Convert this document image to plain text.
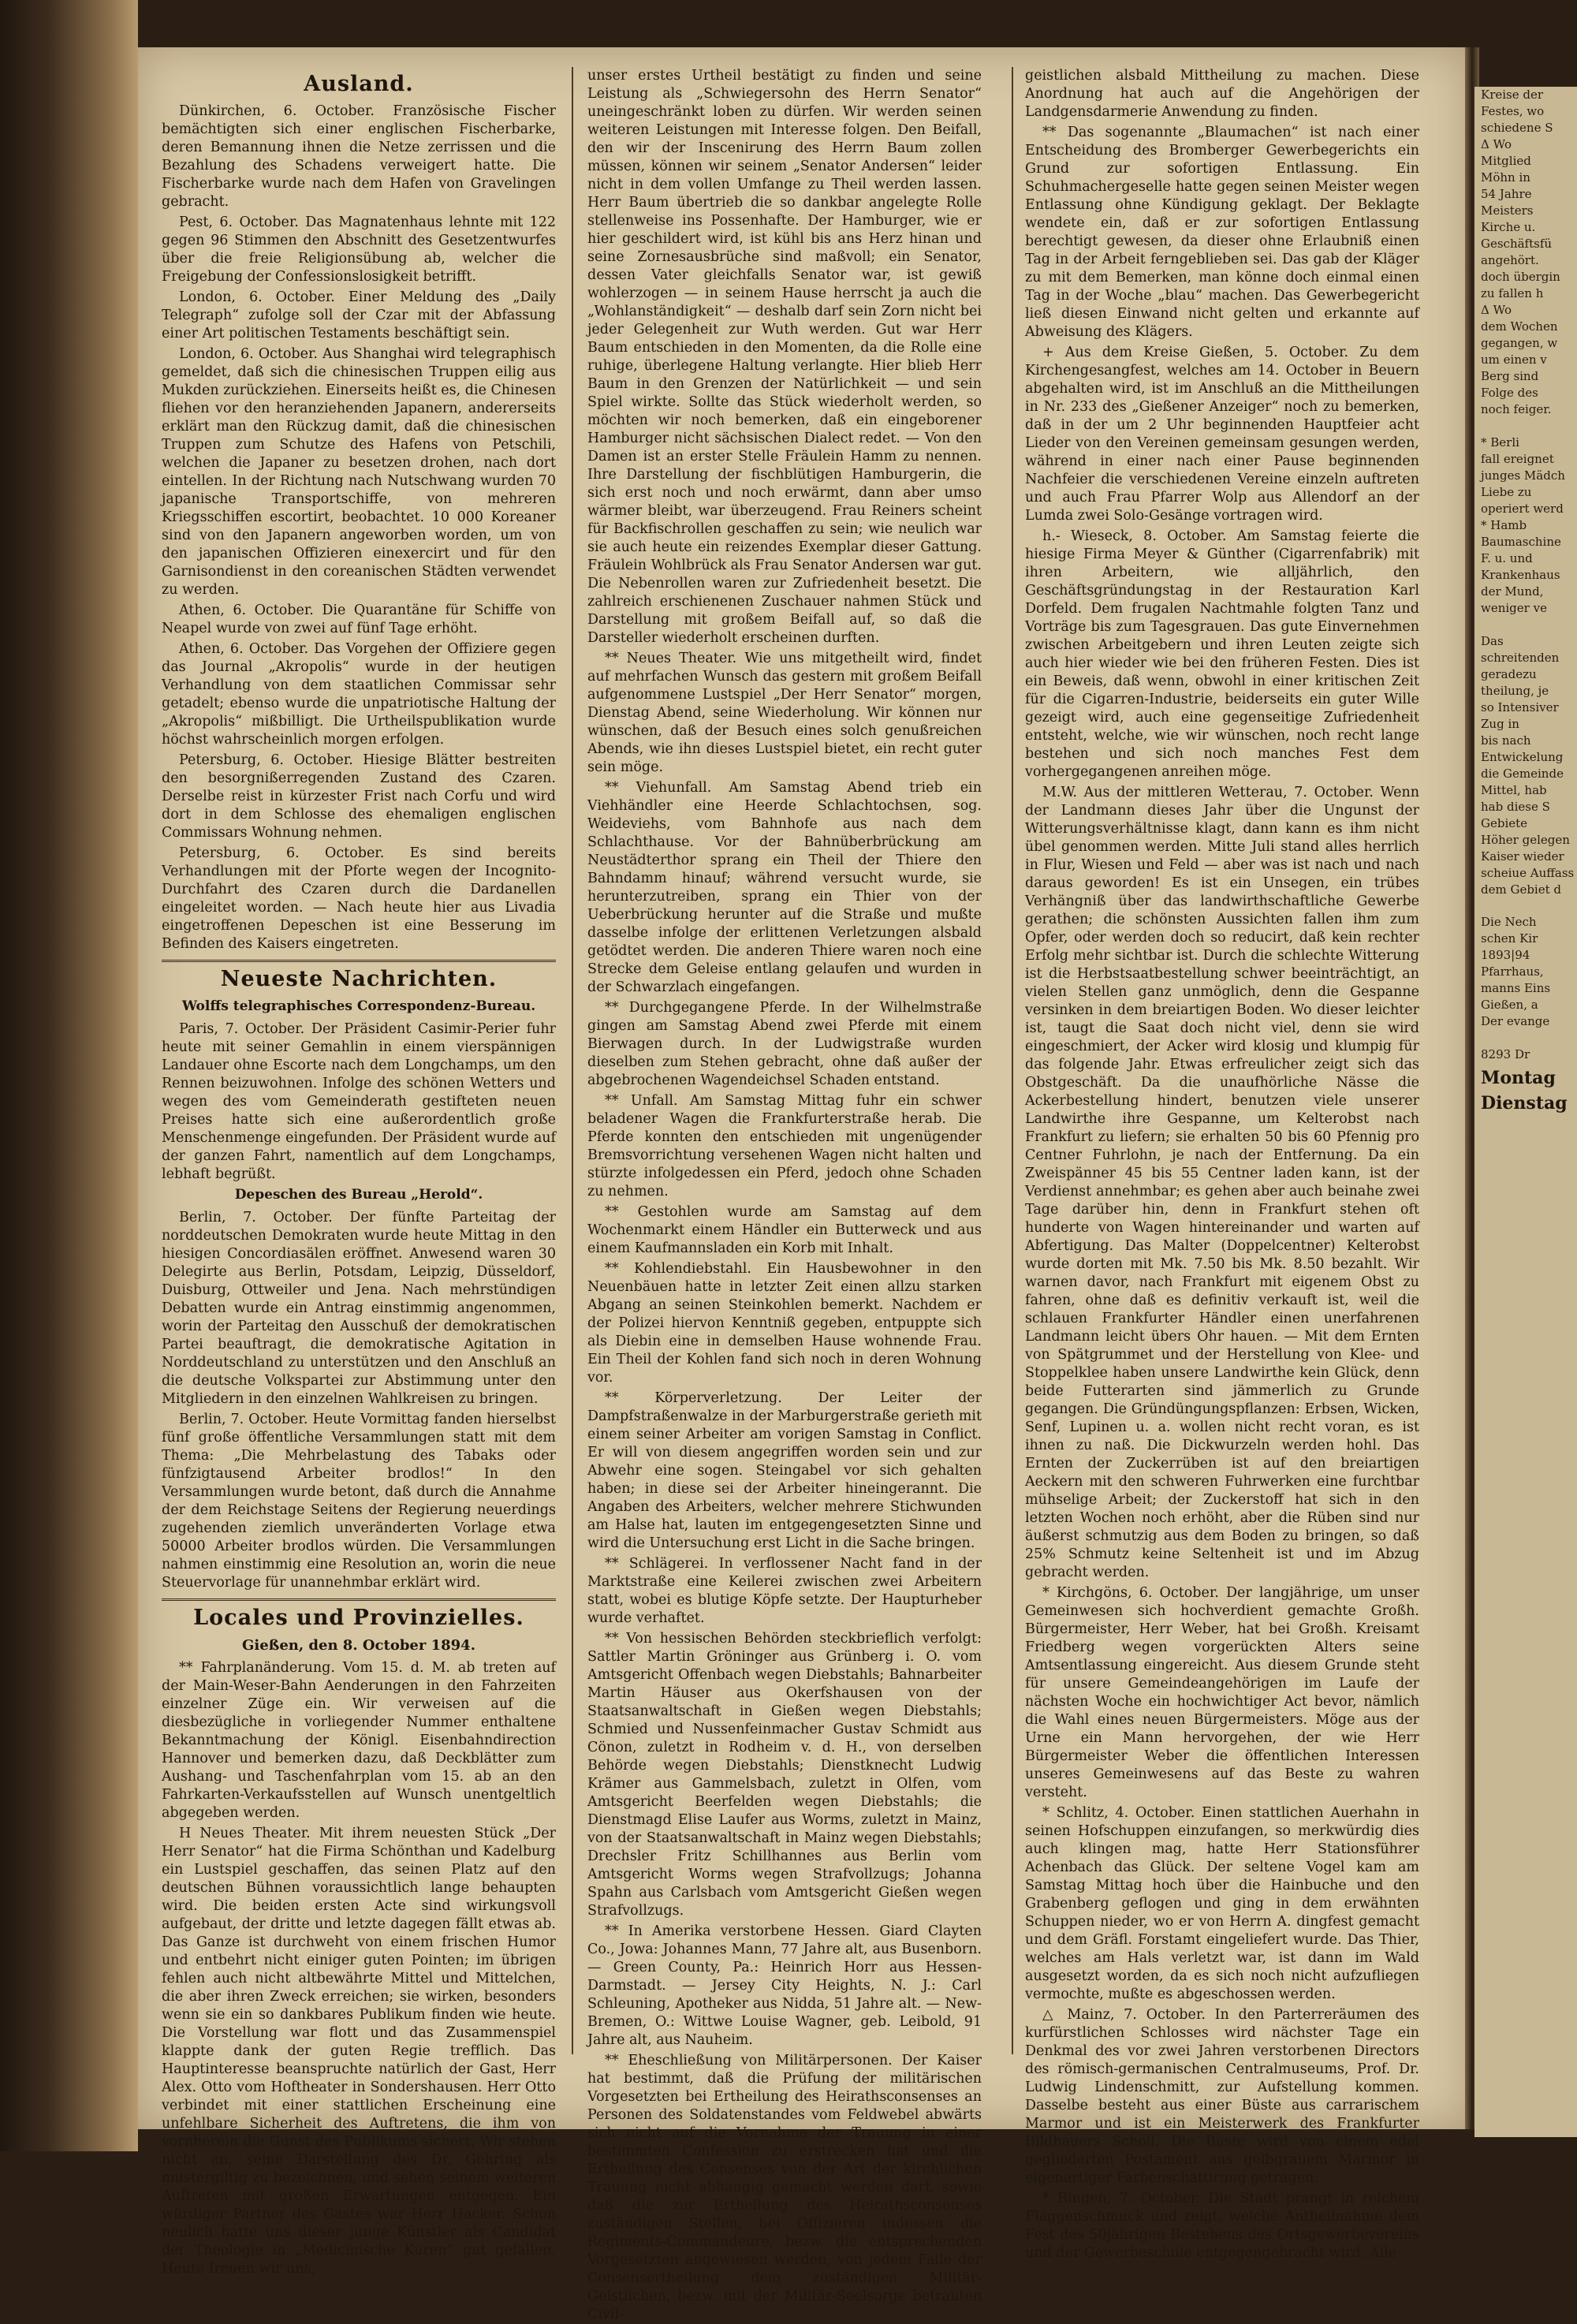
Ausland.

Dünkirchen, 6. October. Französische Fischer bemächtigten sich einer englischen Fischerbarke, deren Bemannung ihnen die Netze zerrissen und die Bezahlung des Schadens verweigert hatte. Die Fischerbarke wurde nach dem Hafen von Gravelingen gebracht.

Pest, 6. October. Das Magnatenhaus lehnte mit 122 gegen 96 Stimmen den Abschnitt des Gesetzentwurfes über die freie Religionsübung ab, welcher die Freigebung der Confessionslosigkeit betrifft.

London, 6. October. Einer Meldung des „Daily Telegraph“ zufolge soll der Czar mit der Abfassung einer Art politischen Testaments beschäftigt sein.

London, 6. October. Aus Shanghai wird telegraphisch gemeldet, daß sich die chinesischen Truppen eilig aus Mukden zurückziehen. Einerseits heißt es, die Chinesen fliehen vor den heranziehenden Japanern, andererseits erklärt man den Rückzug damit, daß die chinesischen Truppen zum Schutze des Hafens von Petschili, welchen die Japaner zu besetzen drohen, nach dort eintellen. In der Richtung nach Nutschwang wurden 70 japanische Transportschiffe, von mehreren Kriegsschiffen escortirt, beobachtet. 10 000 Koreaner sind von den Japanern angeworben worden, um von den japanischen Offizieren einexercirt und für den Garnisondienst in den coreanischen Städten verwendet zu werden.

Athen, 6. October. Die Quarantäne für Schiffe von Neapel wurde von zwei auf fünf Tage erhöht.

Athen, 6. October. Das Vorgehen der Offiziere gegen das Journal „Akropolis“ wurde in der heutigen Verhandlung von dem staatlichen Commissar sehr getadelt; ebenso wurde die unpatriotische Haltung der „Akropolis“ mißbilligt. Die Urtheilspublikation wurde höchst wahrscheinlich morgen erfolgen.

Petersburg, 6. October. Hiesige Blätter bestreiten den besorgnißerregenden Zustand des Czaren. Derselbe reist in kürzester Frist nach Corfu und wird dort in dem Schlosse des ehemaligen englischen Commissars Wohnung nehmen.

Petersburg, 6. October. Es sind bereits Verhandlungen mit der Pforte wegen der Incognito-Durchfahrt des Czaren durch die Dardanellen eingeleitet worden. — Nach heute hier aus Livadia eingetroffenen Depeschen ist eine Besserung im Befinden des Kaisers eingetreten.

Neueste Nachrichten.
Wolffs telegraphisches Correspondenz-Bureau.

Paris, 7. October. Der Präsident Casimir-Perier fuhr heute mit seiner Gemahlin in einem vierspännigen Landauer ohne Escorte nach dem Longchamps, um den Rennen beizuwohnen. Infolge des schönen Wetters und wegen des vom Gemeinderath gestifteten neuen Preises hatte sich eine außerordentlich große Menschenmenge eingefunden. Der Präsident wurde auf der ganzen Fahrt, namentlich auf dem Longchamps, lebhaft begrüßt.

Depeschen des Bureau „Herold“.

Berlin, 7. October. Der fünfte Parteitag der norddeutschen Demokraten wurde heute Mittag in den hiesigen Concordiasälen eröffnet. Anwesend waren 30 Delegirte aus Berlin, Potsdam, Leipzig, Düsseldorf, Duisburg, Ottweiler und Jena. Nach mehrstündigen Debatten wurde ein Antrag einstimmig angenommen, worin der Parteitag den Ausschuß der demokratischen Partei beauftragt, die demokratische Agitation in Norddeutschland zu unterstützen und den Anschluß an die deutsche Volkspartei zur Abstimmung unter den Mitgliedern in den einzelnen Wahlkreisen zu bringen.

Berlin, 7. October. Heute Vormittag fanden hierselbst fünf große öffentliche Versammlungen statt mit dem Thema: „Die Mehrbelastung des Tabaks oder fünfzigtausend Arbeiter brodlos!“ In den Versammlungen wurde betont, daß durch die Annahme der dem Reichstage Seitens der Regierung neuerdings zugehenden ziemlich unveränderten Vorlage etwa 50000 Arbeiter brodlos würden. Die Versammlungen nahmen einstimmig eine Resolution an, worin die neue Steuervorlage für unannehmbar erklärt wird.

Locales und Provinzielles.
Gießen, den 8. October 1894.

** Fahrplanänderung. Vom 15. d. M. ab treten auf der Main-Weser-Bahn Aenderungen in den Fahrzeiten einzelner Züge ein. Wir verweisen auf die diesbezügliche in vorliegender Nummer enthaltene Bekanntmachung der Königl. Eisenbahndirection Hannover und bemerken dazu, daß Deckblätter zum Aushang- und Taschenfahrplan vom 15. ab an den Fahrkarten-Verkaufsstellen auf Wunsch unentgeltlich abgegeben werden.

H Neues Theater. Mit ihrem neuesten Stück „Der Herr Senator“ hat die Firma Schönthan und Kadelburg ein Lustspiel geschaffen, das seinen Platz auf den deutschen Bühnen voraussichtlich lange behaupten wird. Die beiden ersten Acte sind wirkungsvoll aufgebaut, der dritte und letzte dagegen fällt etwas ab. Das Ganze ist durchweht von einem frischen Humor und entbehrt nicht einiger guten Pointen; im übrigen fehlen auch nicht altbewährte Mittel und Mittelchen, die aber ihren Zweck erreichen; sie wirken, besonders wenn sie ein so dankbares Publikum finden wie heute. Die Vorstellung war flott und das Zusammenspiel klappte dank der guten Regie trefflich. Das Hauptinteresse beanspruchte natürlich der Gast, Herr Alex. Otto vom Hoftheater in Sondershausen. Herr Otto verbindet mit einer stattlichen Erscheinung eine unfehlbare Sicherheit des Auftretens, die ihm von vornherein die Gunst des Publikums sichert. Wir stehen nicht an, seine Darstellung des Dr. Gehring als mustergiltig zu bezeichnen, und sehen seinem weiteren Auftreten mit großen Erwartungen entgegen. Ein würdiger Partner des Gastes war Herr Hacker. Schon neulich hatte uns dieser junge Künstler als Candidat der Theologie in „Medicinische Kuren“ gut gefallen. Heute freuen wir uns,

unser erstes Urtheil bestätigt zu finden und seine Leistung als „Schwiegersohn des Herrn Senator“ uneingeschränkt loben zu dürfen. Wir werden seinen weiteren Leistungen mit Interesse folgen. Den Beifall, den wir der Inscenirung des Herrn Baum zollen müssen, können wir seinem „Senator Andersen“ leider nicht in dem vollen Umfange zu Theil werden lassen. Herr Baum übertrieb die so dankbar angelegte Rolle stellenweise ins Possenhafte. Der Hamburger, wie er hier geschildert wird, ist kühl bis ans Herz hinan und seine Zornesausbrüche sind maßvoll; ein Senator, dessen Vater gleichfalls Senator war, ist gewiß wohlerzogen — in seinem Hause herrscht ja auch die „Wohlanständigkeit“ — deshalb darf sein Zorn nicht bei jeder Gelegenheit zur Wuth werden. Gut war Herr Baum entschieden in den Momenten, da die Rolle eine ruhige, überlegene Haltung verlangte. Hier blieb Herr Baum in den Grenzen der Natürlichkeit — und sein Spiel wirkte. Sollte das Stück wiederholt werden, so möchten wir noch bemerken, daß ein eingeborener Hamburger nicht sächsischen Dialect redet. — Von den Damen ist an erster Stelle Fräulein Hamm zu nennen. Ihre Darstellung der fischblütigen Hamburgerin, die sich erst noch und noch erwärmt, dann aber umso wärmer bleibt, war überzeugend. Frau Reiners scheint für Backfischrollen geschaffen zu sein; wie neulich war sie auch heute ein reizendes Exemplar dieser Gattung. Fräulein Wohlbrück als Frau Senator Andersen war gut. Die Nebenrollen waren zur Zufriedenheit besetzt. Die zahlreich erschienenen Zuschauer nahmen Stück und Darstellung mit großem Beifall auf, so daß die Darsteller wiederholt erscheinen durften.

** Neues Theater. Wie uns mitgetheilt wird, findet auf mehrfachen Wunsch das gestern mit großem Beifall aufgenommene Lustspiel „Der Herr Senator“ morgen, Dienstag Abend, seine Wiederholung. Wir können nur wünschen, daß der Besuch eines solch genußreichen Abends, wie ihn dieses Lustspiel bietet, ein recht guter sein möge.

** Viehunfall. Am Samstag Abend trieb ein Viehhändler eine Heerde Schlachtochsen, sog. Weideviehs, vom Bahnhofe aus nach dem Schlachthause. Vor der Bahnüberbrückung am Neustädterthor sprang ein Theil der Thiere den Bahndamm hinauf; während versucht wurde, sie herunterzutreiben, sprang ein Thier von der Ueberbrückung herunter auf die Straße und mußte dasselbe infolge der erlittenen Verletzungen alsbald getödtet werden. Die anderen Thiere waren noch eine Strecke dem Geleise entlang gelaufen und wurden in der Schwarzlach eingefangen.

** Durchgegangene Pferde. In der Wilhelmstraße gingen am Samstag Abend zwei Pferde mit einem Bierwagen durch. In der Ludwigstraße wurden dieselben zum Stehen gebracht, ohne daß außer der abgebrochenen Wagendeichsel Schaden entstand.

** Unfall. Am Samstag Mittag fuhr ein schwer beladener Wagen die Frankfurterstraße herab. Die Pferde konnten den entschieden mit ungenügender Bremsvorrichtung versehenen Wagen nicht halten und stürzte infolgedessen ein Pferd, jedoch ohne Schaden zu nehmen.

** Gestohlen wurde am Samstag auf dem Wochenmarkt einem Händler ein Butterweck und aus einem Kaufmannsladen ein Korb mit Inhalt.

** Kohlendiebstahl. Ein Hausbewohner in den Neuenbäuen hatte in letzter Zeit einen allzu starken Abgang an seinen Steinkohlen bemerkt. Nachdem er der Polizei hiervon Kenntniß gegeben, entpuppte sich als Diebin eine in demselben Hause wohnende Frau. Ein Theil der Kohlen fand sich noch in deren Wohnung vor.

** Körperverletzung. Der Leiter der Dampfstraßenwalze in der Marburgerstraße gerieth mit einem seiner Arbeiter am vorigen Samstag in Conflict. Er will von diesem angegriffen worden sein und zur Abwehr eine sogen. Steingabel vor sich gehalten haben; in diese sei der Arbeiter hineingerannt. Die Angaben des Arbeiters, welcher mehrere Stichwunden am Halse hat, lauten im entgegengesetzten Sinne und wird die Untersuchung erst Licht in die Sache bringen.

** Schlägerei. In verflossener Nacht fand in der Marktstraße eine Keilerei zwischen zwei Arbeitern statt, wobei es blutige Köpfe setzte. Der Haupturheber wurde verhaftet.

** Von hessischen Behörden steckbrieflich verfolgt: Sattler Martin Gröninger aus Grünberg i. O. vom Amtsgericht Offenbach wegen Diebstahls; Bahnarbeiter Martin Häuser aus Okerfshausen von der Staatsanwaltschaft in Gießen wegen Diebstahls; Schmied und Nussenfeinmacher Gustav Schmidt aus Cönon, zuletzt in Rodheim v. d. H., von derselben Behörde wegen Diebstahls; Dienstknecht Ludwig Krämer aus Gammelsbach, zuletzt in Olfen, vom Amtsgericht Beerfelden wegen Diebstahls; die Dienstmagd Elise Laufer aus Worms, zuletzt in Mainz, von der Staatsanwaltschaft in Mainz wegen Diebstahls; Drechsler Fritz Schillhannes aus Berlin vom Amtsgericht Worms wegen Strafvollzugs; Johanna Spahn aus Carlsbach vom Amtsgericht Gießen wegen Strafvollzugs.

** In Amerika verstorbene Hessen. Giard Clayten Co., Jowa: Johannes Mann, 77 Jahre alt, aus Busenborn. — Green County, Pa.: Heinrich Horr aus Hessen-Darmstadt. — Jersey City Heights, N. J.: Carl Schleuning, Apotheker aus Nidda, 51 Jahre alt. — New-Bremen, O.: Wittwe Louise Wagner, geb. Leibold, 91 Jahre alt, aus Nauheim.

** Eheschließung von Militärpersonen. Der Kaiser hat bestimmt, daß die Prüfung der militärischen Vorgesetzten bei Ertheilung des Heirathsconsenses an Personen des Soldatenstandes vom Feldwebel abwärts sich nicht auf die Vornahme der Trauung in einer bestimmten Confession zu erstrecken hat und die Ertheilung des Consenses von der Art der kirchlichen Trauung nicht abhängig gemacht werden darf, sowie daß die zur Ertheilung des Heirathsconsenses zuständigen Stellen, bei Offizieren indessen die Regiments-Commandeure, bezw. die entsprechenden Vorgesetzten angewiesen werden, von jedem Falle der Consensertheilung dem zuständigen Militär-Geistlichen, bezw. mit der Militär-Seelsorge betrauten Civil-

geistlichen alsbald Mittheilung zu machen. Diese Anordnung hat auch auf die Angehörigen der Landgensdarmerie Anwendung zu finden.

** Das sogenannte „Blaumachen“ ist nach einer Entscheidung des Bromberger Gewerbegerichts ein Grund zur sofortigen Entlassung. Ein Schuhmachergeselle hatte gegen seinen Meister wegen Entlassung ohne Kündigung geklagt. Der Beklagte wendete ein, daß er zur sofortigen Entlassung berechtigt gewesen, da dieser ohne Erlaubniß einen Tag in der Arbeit ferngeblieben sei. Das gab der Kläger zu mit dem Bemerken, man könne doch einmal einen Tag in der Woche „blau“ machen. Das Gewerbegericht ließ diesen Einwand nicht gelten und erkannte auf Abweisung des Klägers.

+ Aus dem Kreise Gießen, 5. October. Zu dem Kirchengesangfest, welches am 14. October in Beuern abgehalten wird, ist im Anschluß an die Mittheilungen in Nr. 233 des „Gießener Anzeiger“ noch zu bemerken, daß in der um 2 Uhr beginnenden Hauptfeier acht Lieder von den Vereinen gemeinsam gesungen werden, während in einer nach einer Pause beginnenden Nachfeier die verschiedenen Vereine einzeln auftreten und auch Frau Pfarrer Wolp aus Allendorf an der Lumda zwei Solo-Gesänge vortragen wird.

h.- Wieseck, 8. October. Am Samstag feierte die hiesige Firma Meyer & Günther (Cigarrenfabrik) mit ihren Arbeitern, wie alljährlich, den Geschäftsgründungstag in der Restauration Karl Dorfeld. Dem frugalen Nachtmahle folgten Tanz und Vorträge bis zum Tagesgrauen. Das gute Einvernehmen zwischen Arbeitgebern und ihren Leuten zeigte sich auch hier wieder wie bei den früheren Festen. Dies ist ein Beweis, daß wenn, obwohl in einer kritischen Zeit für die Cigarren-Industrie, beiderseits ein guter Wille gezeigt wird, auch eine gegenseitige Zufriedenheit entsteht, welche, wie wir wünschen, noch recht lange bestehen und sich noch manches Fest dem vorhergegangenen anreihen möge.

M.W. Aus der mittleren Wetterau, 7. October. Wenn der Landmann dieses Jahr über die Ungunst der Witterungsverhältnisse klagt, dann kann es ihm nicht übel genommen werden. Mitte Juli stand alles herrlich in Flur, Wiesen und Feld — aber was ist nach und nach daraus geworden! Es ist ein Unsegen, ein trübes Verhängniß über das landwirthschaftliche Gewerbe gerathen; die schönsten Aussichten fallen ihm zum Opfer, oder werden doch so reducirt, daß kein rechter Erfolg mehr sichtbar ist. Durch die schlechte Witterung ist die Herbstsaatbestellung schwer beeinträchtigt, an vielen Stellen ganz unmöglich, denn die Gespanne versinken in dem breiartigen Boden. Wo dieser leichter ist, taugt die Saat doch nicht viel, denn sie wird eingeschmiert, der Acker wird klosig und klumpig für das folgende Jahr. Etwas erfreulicher zeigt sich das Obstgeschäft. Da die unaufhörliche Nässe die Ackerbestellung hindert, benutzen viele unserer Landwirthe ihre Gespanne, um Kelterobst nach Frankfurt zu liefern; sie erhalten 50 bis 60 Pfennig pro Centner Fuhrlohn, je nach der Entfernung. Da ein Zweispänner 45 bis 55 Centner laden kann, ist der Verdienst annehmbar; es gehen aber auch beinahe zwei Tage darüber hin, denn in Frankfurt stehen oft hunderte von Wagen hintereinander und warten auf Abfertigung. Das Malter (Doppelcentner) Kelterobst wurde dorten mit Mk. 7.50 bis Mk. 8.50 bezahlt. Wir warnen davor, nach Frankfurt mit eigenem Obst zu fahren, ohne daß es definitiv verkauft ist, weil die schlauen Frankfurter Händler einen unerfahrenen Landmann leicht übers Ohr hauen. — Mit dem Ernten von Spätgrummet und der Herstellung von Klee- und Stoppelklee haben unsere Landwirthe kein Glück, denn beide Futterarten sind jämmerlich zu Grunde gegangen. Die Gründüngungspflanzen: Erbsen, Wicken, Senf, Lupinen u. a. wollen nicht recht voran, es ist ihnen zu naß. Die Dickwurzeln werden hohl. Das Ernten der Zuckerrüben ist auf den breiartigen Aeckern mit den schweren Fuhrwerken eine furchtbar mühselige Arbeit; der Zuckerstoff hat sich in den letzten Wochen noch erhöht, aber die Rüben sind nur äußerst schmutzig aus dem Boden zu bringen, so daß 25% Schmutz keine Seltenheit ist und im Abzug gebracht werden.

* Kirchgöns, 6. October. Der langjährige, um unser Gemeinwesen sich hochverdient gemachte Großh. Bürgermeister, Herr Weber, hat bei Großh. Kreisamt Friedberg wegen vorgerückten Alters seine Amtsentlassung eingereicht. Aus diesem Grunde steht für unsere Gemeindeangehörigen im Laufe der nächsten Woche ein hochwichtiger Act bevor, nämlich die Wahl eines neuen Bürgermeisters. Möge aus der Urne ein Mann hervorgehen, der wie Herr Bürgermeister Weber die öffentlichen Interessen unseres Gemeinwesens auf das Beste zu wahren versteht.

* Schlitz, 4. October. Einen stattlichen Auerhahn in seinen Hofschuppen einzufangen, so merkwürdig dies auch klingen mag, hatte Herr Stationsführer Achenbach das Glück. Der seltene Vogel kam am Samstag Mittag hoch über die Hainbuche und den Grabenberg geflogen und ging in dem erwähnten Schuppen nieder, wo er von Herrn A. dingfest gemacht und dem Gräfl. Forstamt eingeliefert wurde. Das Thier, welches am Hals verletzt war, ist dann im Wald ausgesetzt worden, da es sich noch nicht aufzufliegen vermochte, mußte es abgeschossen werden.

△ Mainz, 7. October. In den Parterreräumen des kurfürstlichen Schlosses wird nächster Tage ein Denkmal des vor zwei Jahren verstorbenen Directors des römisch-germanischen Centralmuseums, Prof. Dr. Ludwig Lindenschmitt, zur Aufstellung kommen. Dasselbe besteht aus einer Büste aus carrarischem Marmor und ist ein Meisterwerk des Frankfurter Bildhauers Scholl. Die Büste wird von einem edel gegliederten Postament aus gelbgrauem Marmor in eigenartiger Farbenschattirung getragen.

* Bingen, 7. October. Die Stadt prangt in reichem Flaggenschmuck und zeigt, welche Antheilnahme dem Fest des 50jährigen Bestehens des Ortsgewerbevereins und der Gewerbeschule entgegengebracht wird. Alle

Kreise der
Festes, wo
schiedene S
Δ Wo
Mitglied
Möhn in
54 Jahre
Meisters
Kirche u.
Geschäftsfü
angehört.
doch übergin
zu fallen h
Δ Wo
dem Wochen
gegangen, w
um einen v
Berg sind
Folge des
noch feiger.

* Berli
fall ereignet
junges Mädch
Liebe zu
operiert werd
* Hamb
Baumaschine
F. u. und
Krankenhaus
der Mund,
weniger ve

Das
schreitenden
geradezu
theilung, je
so Intensiver
Zug in
bis nach
Entwickelung
die Gemeinde
Mittel, hab
hab diese S
Gebiete
Höher gelegen
Kaiser wieder
scheiue Auffass
dem Gebiet d
Die Nech
schen Kir
1893|94
Pfarrhaus,
manns Eins
Gießen, a
Der evange

8293 Dr
Montag
Dienstag
